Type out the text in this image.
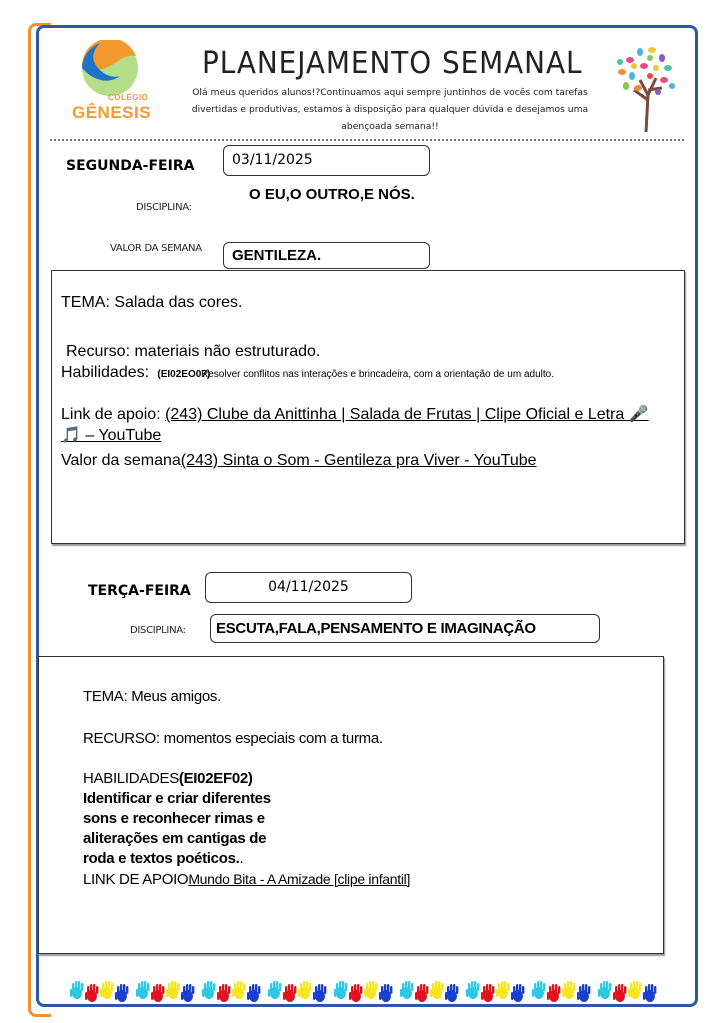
COLÉGIO
GÊNESIS
PLANEJAMENTO SEMANAL
Olá meus queridos alunos!?Continuamos aqui sempre juntinhos de vocês com tarefas divertidas e produtivas, estamos à disposição para qualquer dúvida e desejamos uma abençoada semana!!
SEGUNDA-FEIRA	03/11/2025
DISCIPLINA:
O EU,O OUTRO,E NÓS.
VALOR DA SEMANA	GENTILEZA.
TEMA: Salada das cores.
Recurso: materiais não estruturado.
Habilidades: (EI02EO07)
Resolver conflitos nas interações e brincadeira, com a orientação de um adulto.
Link de apoio: (243) Clube da Anittinha | Salada de Frutas | Clipe Oficial e Letra 🎤 🎵 – YouTube
Valor da semana(243) Sinta o Som - Gentileza pra Viver - YouTube
TERÇA-FEIRA	04/11/2025
DISCIPLINA:	ESCUTA,FALA,PENSAMENTO E IMAGINAÇÃO
TEMA: Meus amigos.
RECURSO: momentos especiais com a turma.
HABILIDADES(EI02EF02)
Identificar e criar diferentes
sons e reconhecer rimas e
aliterações em cantigas de
roda e textos poéticos..
LINK DE APOIOMundo Bita - A Amizade [clipe infantil]
